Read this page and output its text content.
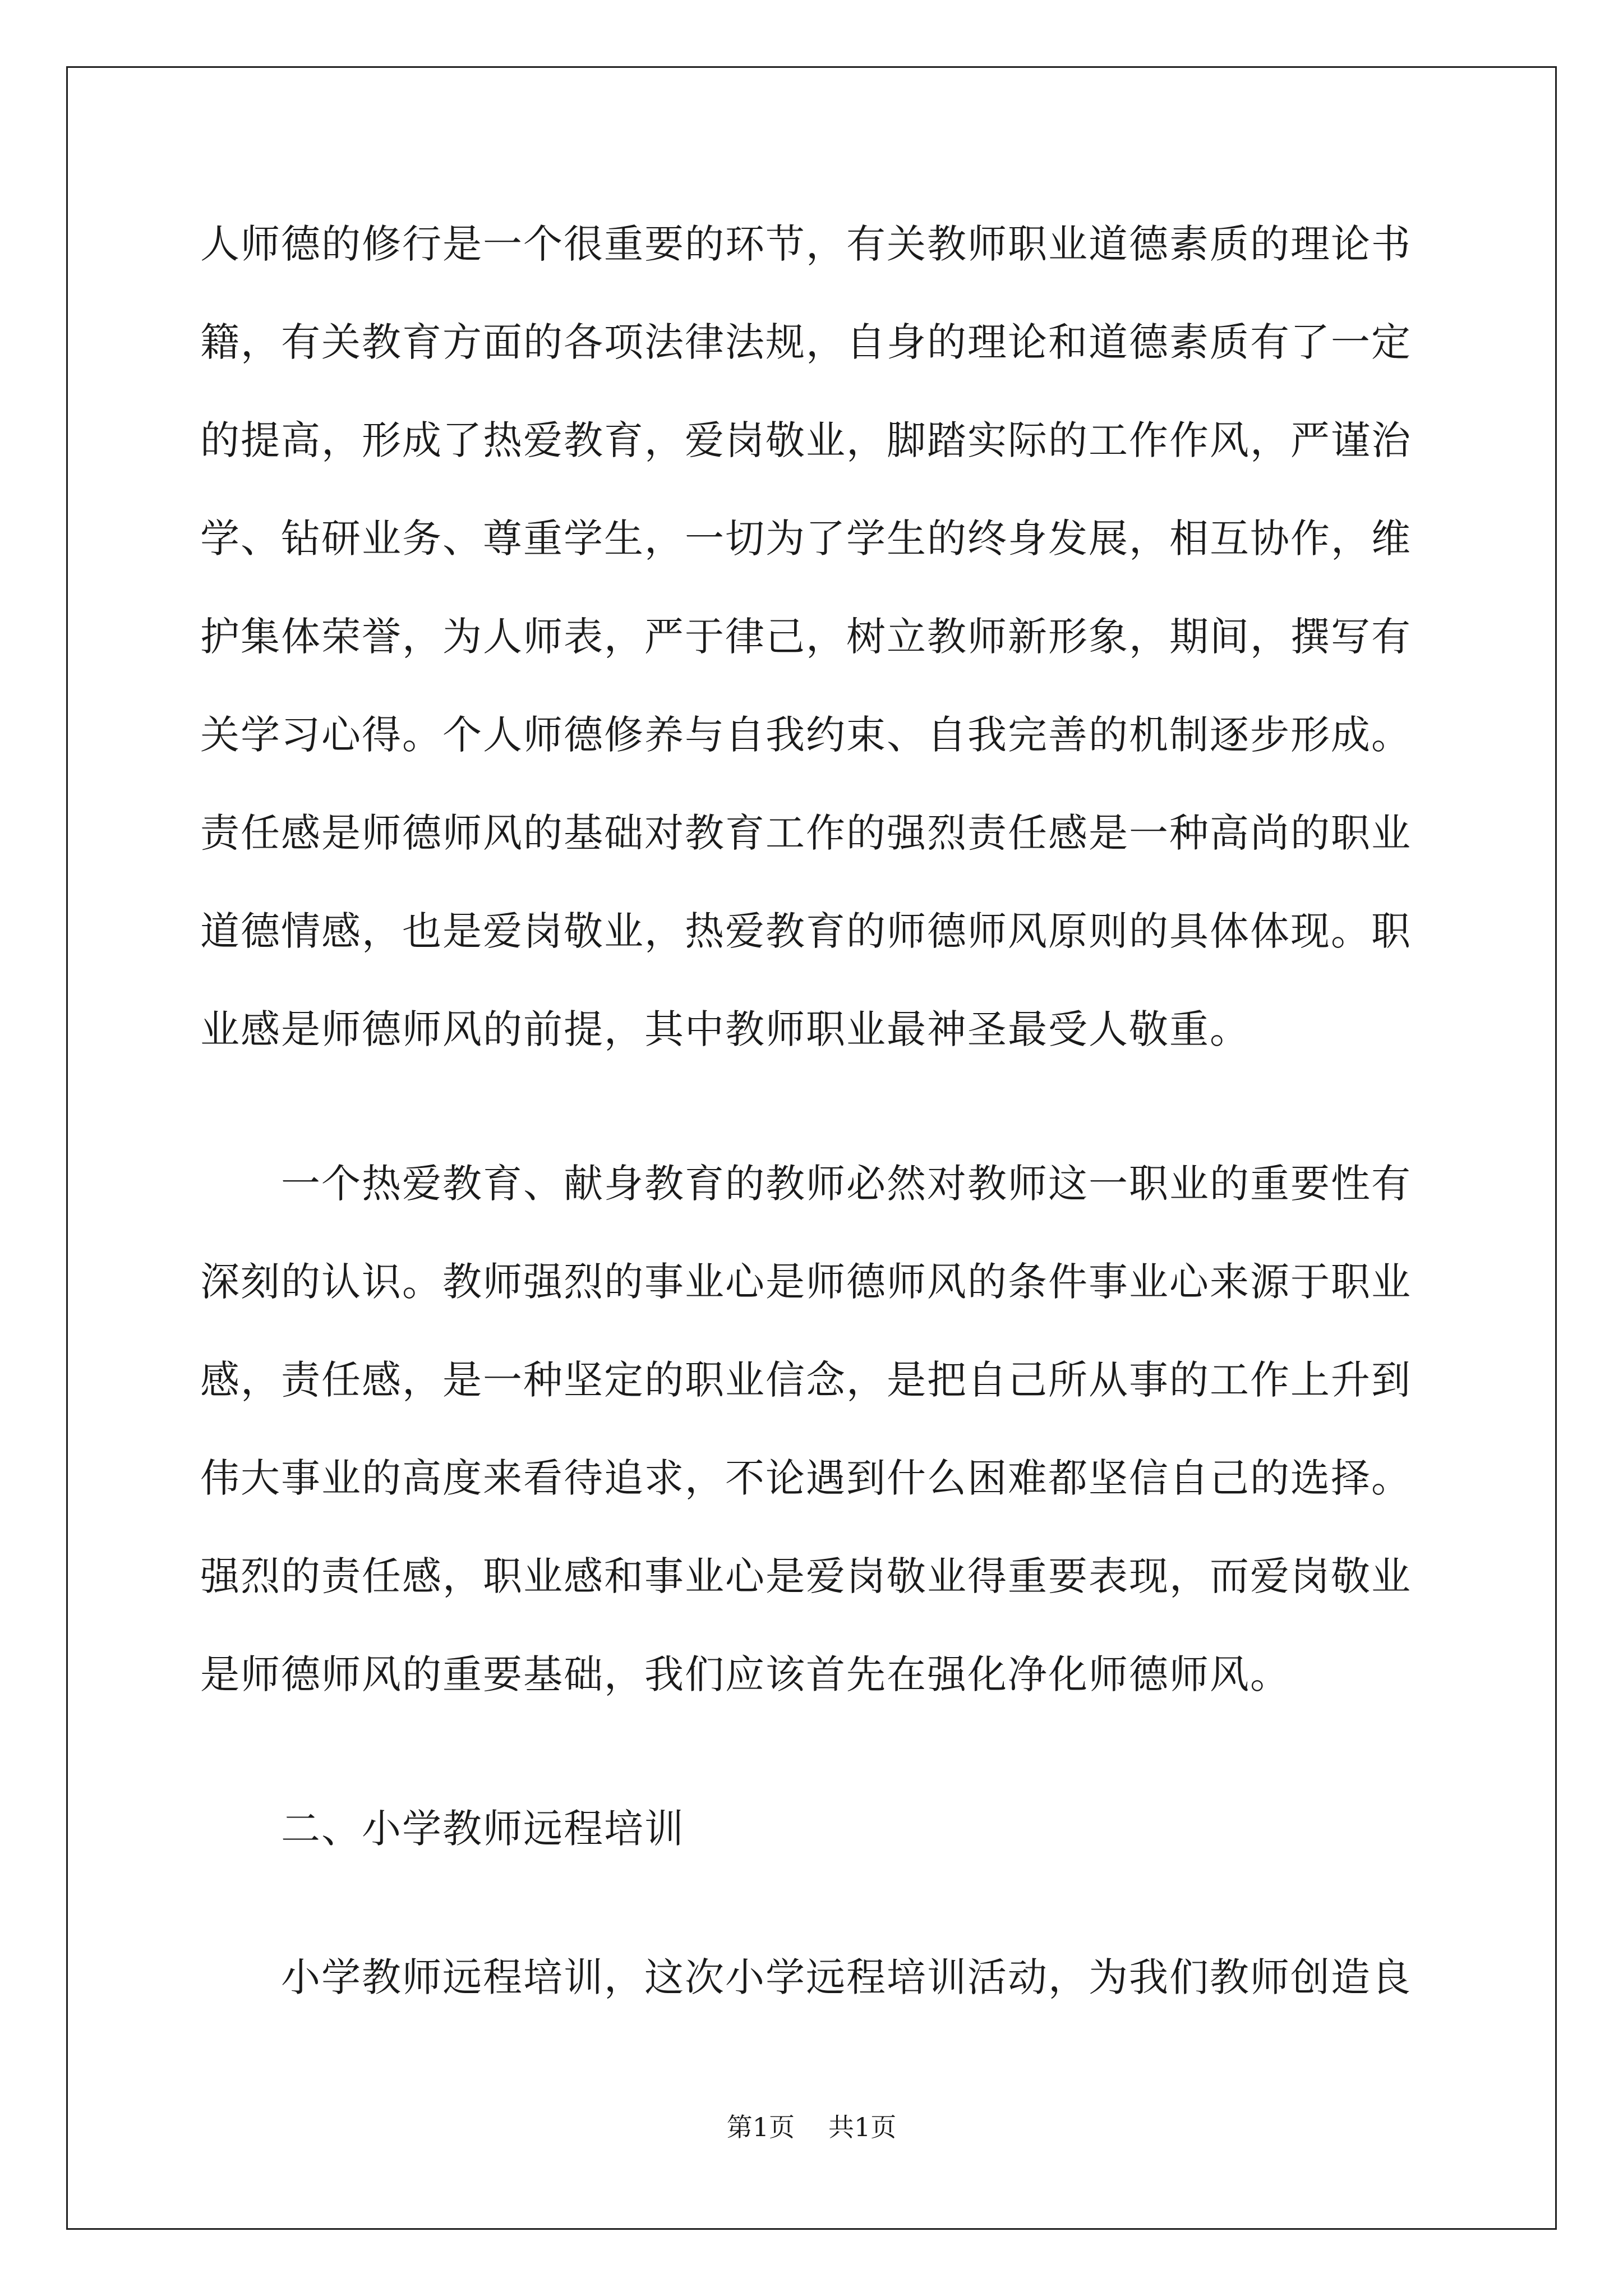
人师德的修行是一个很重要的环节，有关教师职业道德素质的理论书
籍，有关教育方面的各项法律法规，自身的理论和道德素质有了一定
的提高，形成了热爱教育，爱岗敬业，脚踏实际的工作作风，严谨治
学、钻研业务、尊重学生，一切为了学生的终身发展，相互协作，维
护集体荣誉，为人师表，严于律己，树立教师新形象，期间，撰写有
关学习心得。个人师德修养与自我约束、自我完善的机制逐步形成。
责任感是师德师风的基础对教育工作的强烈责任感是一种高尚的职业
道德情感，也是爱岗敬业，热爱教育的师德师风原则的具体体现。职
业感是师德师风的前提，其中教师职业最神圣最受人敬重。
　　一个热爱教育、献身教育的教师必然对教师这一职业的重要性有
深刻的认识。教师强烈的事业心是师德师风的条件事业心来源于职业
感，责任感，是一种坚定的职业信念，是把自己所从事的工作上升到
伟大事业的高度来看待追求，不论遇到什么困难都坚信自己的选择。
强烈的责任感，职业感和事业心是爱岗敬业得重要表现，而爱岗敬业
是师德师风的重要基础，我们应该首先在强化净化师德师风。
　　二、小学教师远程培训
　　小学教师远程培训，这次小学远程培训活动，为我们教师创造良
第1页 共1页
